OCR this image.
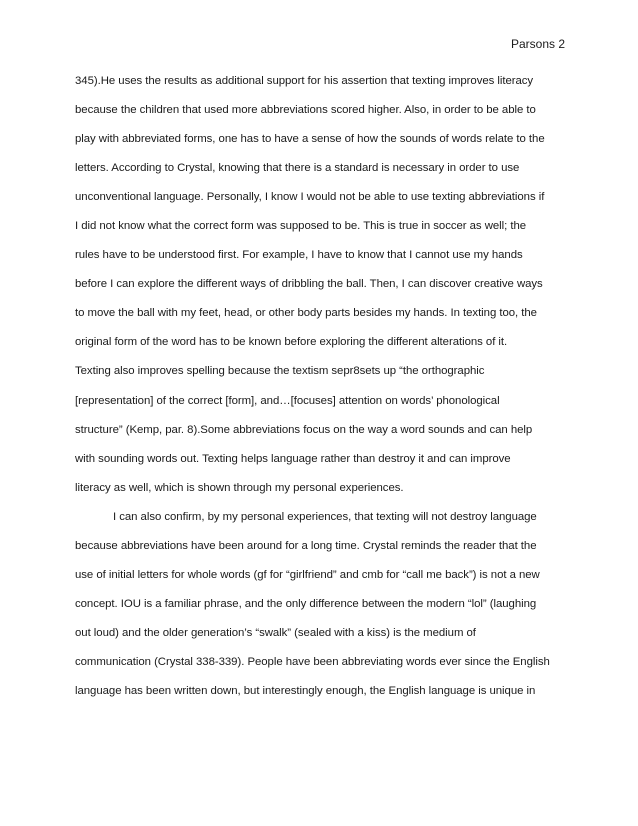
Parsons 2
345).He uses the results as additional support for his assertion that texting improves literacy
because the children that used more abbreviations scored higher. Also, in order to be able to
play with abbreviated forms, one has to have a sense of how the sounds of words relate to the
letters. According to Crystal, knowing that there is a standard is necessary in order to use
unconventional language. Personally, I know I would not be able to use texting abbreviations if
I did not know what the correct form was supposed to be. This is true in soccer as well; the
rules have to be understood first. For example, I have to know that I cannot use my hands
before I can explore the different ways of dribbling the ball. Then, I can discover creative ways
to move the ball with my feet, head, or other body parts besides my hands. In texting too, the
original form of the word has to be known before exploring the different alterations of it.
Texting also improves spelling because the textism sepr8sets up “the orthographic
[representation] of the correct [form], and…[focuses] attention on words’ phonological
structure” (Kemp, par. 8).Some abbreviations focus on the way a word sounds and can help
with sounding words out. Texting helps language rather than destroy it and can improve
literacy as well, which is shown through my personal experiences.
I can also confirm, by my personal experiences, that texting will not destroy language
because abbreviations have been around for a long time. Crystal reminds the reader that the
use of initial letters for whole words (gf for “girlfriend” and cmb for “call me back”) is not a new
concept. IOU is a familiar phrase, and the only difference between the modern “lol” (laughing
out loud) and the older generation’s “swalk” (sealed with a kiss) is the medium of
communication (Crystal 338-339). People have been abbreviating words ever since the English
language has been written down, but interestingly enough, the English language is unique in
